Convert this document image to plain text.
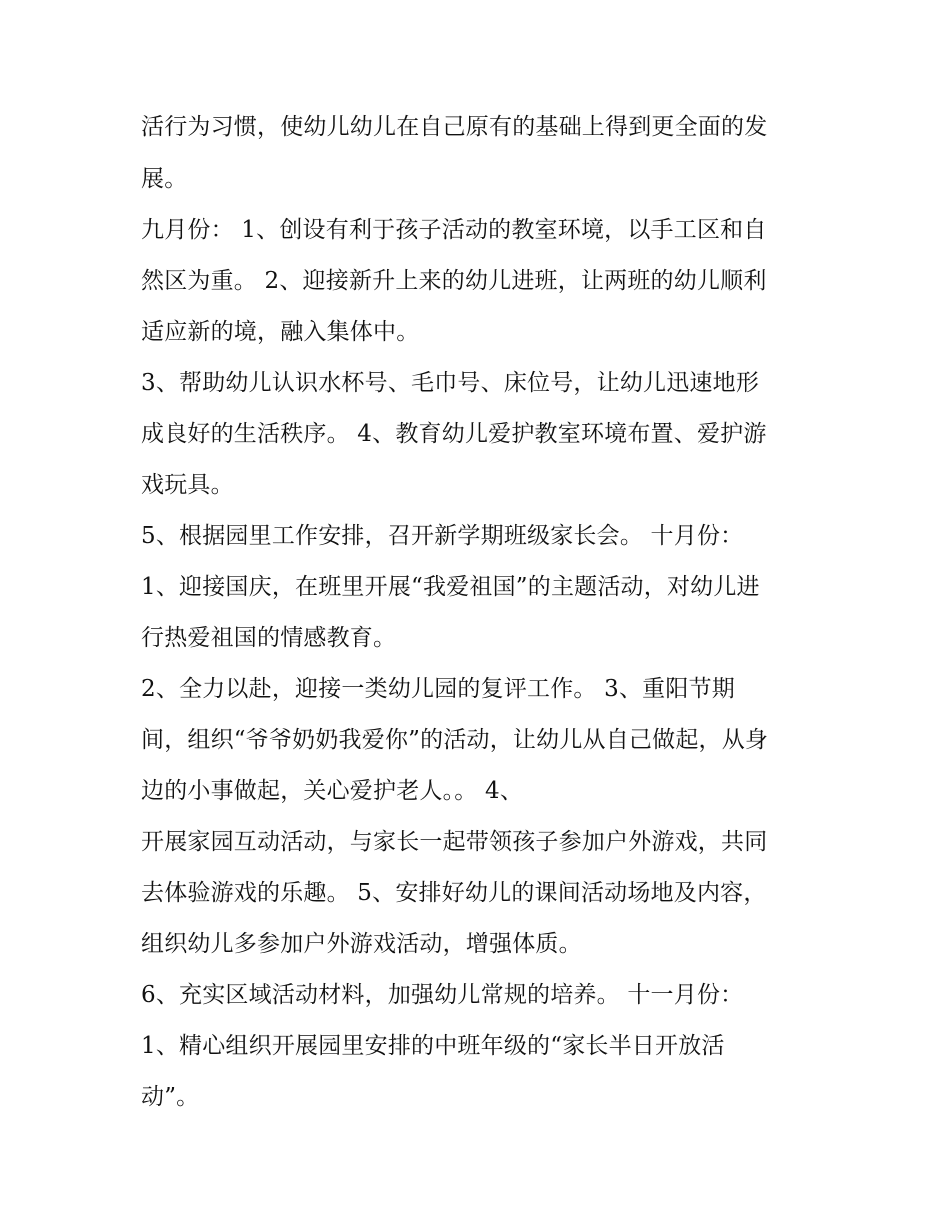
活行为习惯，使幼儿幼儿在自己原有的基础上得到更全面的发
展。
九月份： 1、创设有利于孩子活动的教室环境，以手工区和自
然区为重。 2、迎接新升上来的幼儿进班，让两班的幼儿顺利
适应新的境，融入集体中。
3、帮助幼儿认识水杯号、毛巾号、床位号，让幼儿迅速地形
成良好的生活秩序。 4、教育幼儿爱护教室环境布置、爱护游
戏玩具。
5、根据园里工作安排，召开新学期班级家长会。 十月份：
1、迎接国庆，在班里开展“我爱祖国”的主题活动，对幼儿进
行热爱祖国的情感教育。
2、全力以赴，迎接一类幼儿园的复评工作。 3、重阳节期
间，组织“爷爷奶奶我爱你”的活动，让幼儿从自己做起，从身
边的小事做起，关心爱护老人。。 4、
开展家园互动活动，与家长一起带领孩子参加户外游戏，共同
去体验游戏的乐趣。 5、安排好幼儿的课间活动场地及内容，
组织幼儿多参加户外游戏活动，增强体质。
6、充实区域活动材料，加强幼儿常规的培养。 十一月份：
1、精心组织开展园里安排的中班年级的“家长半日开放活
动”。
